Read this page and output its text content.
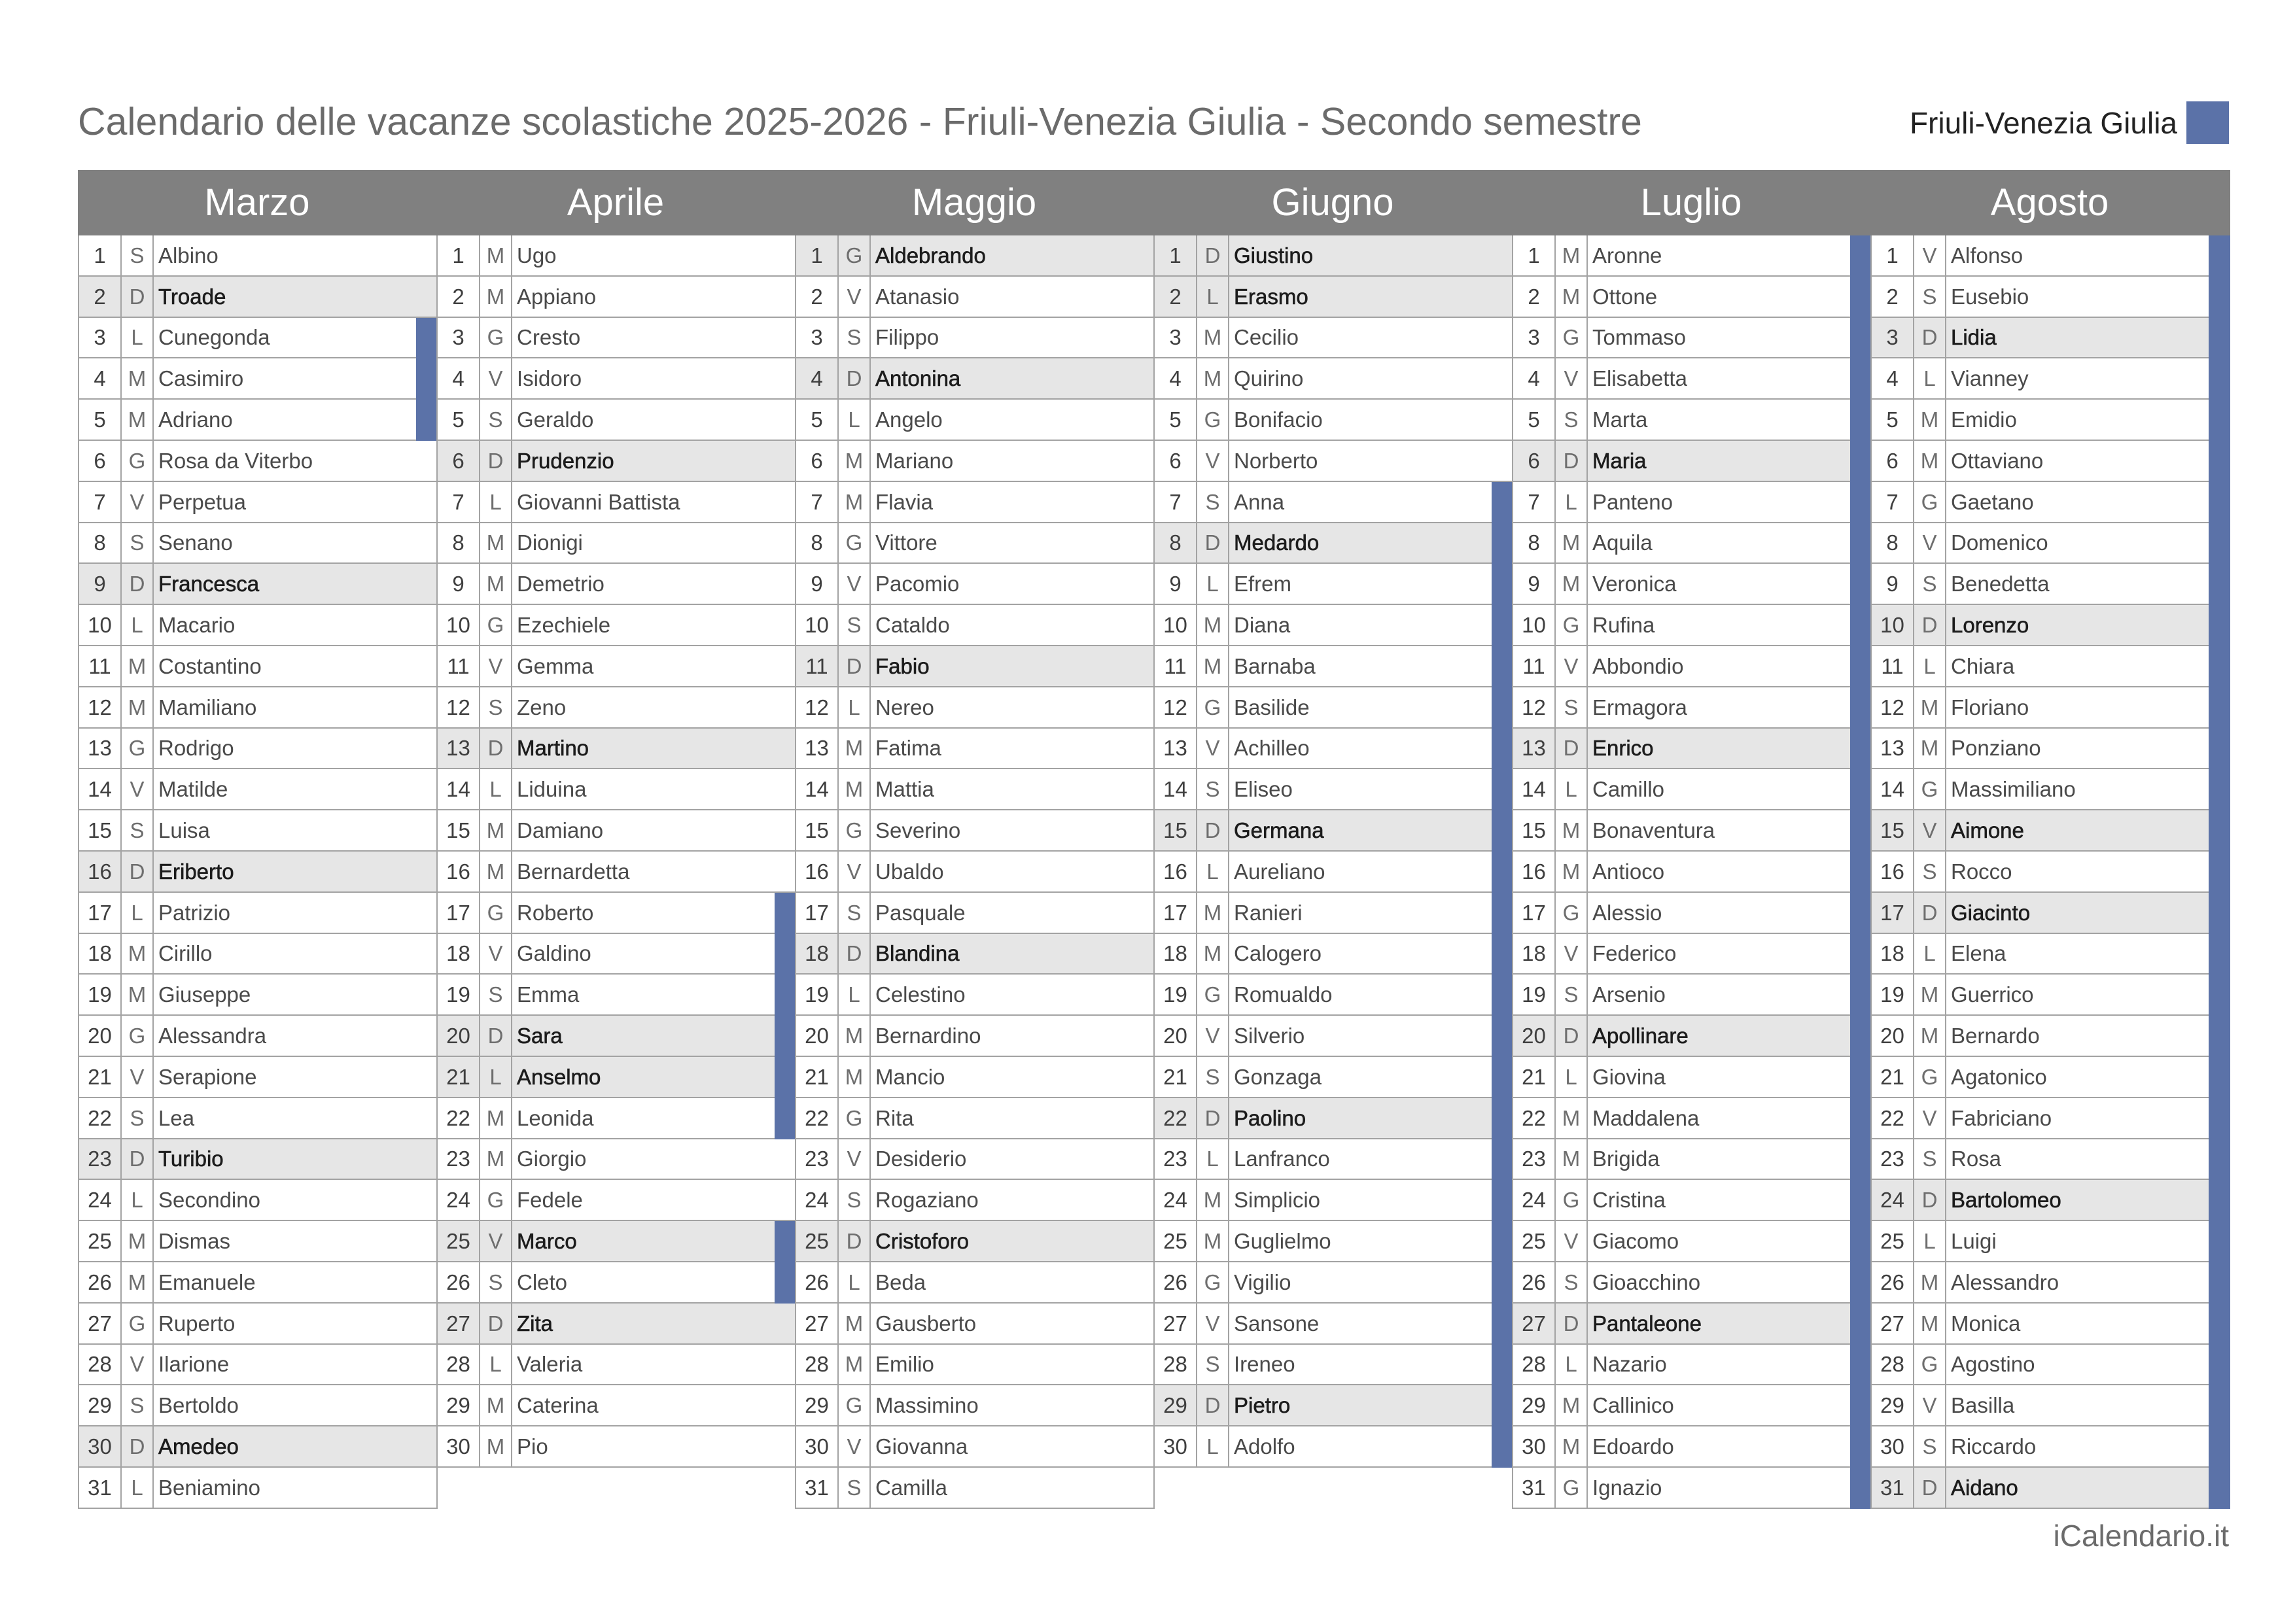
Calendario delle vacanze scolastiche 2025-2026 - Friuli-Venezia Giulia - Secondo semestre	Friuli-Venezia Giulia
Marzo	Aprile	Maggio	Giugno	Luglio	Agosto
1	S Albino
2	D Troade
3	L Cunegonda
4	M Casimiro
5	M Adriano
6	G Rosa da Viterbo
7	V Perpetua
8	S Senano
9	D Francesca
10 L Macario
11 M Costantino
12 M Mamiliano
13 G Rodrigo
14 V Matilde
15 S Luisa
16 D Eriberto
17 L Patrizio
18 M Cirillo
19 M Giuseppe
20 G Alessandra
21 V Serapione
22 S Lea
23 D Turibio
24 L Secondino
25 M Dismas
26 M Emanuele
27 G Ruperto
28 V Ilarione
29 S Bertoldo
30 D Amedeo
31 L Beniamino
1	M Ugo
2	M Appiano
3	G Cresto
4	V Isidoro
5	S Geraldo
6	D Prudenzio
7	L Giovanni Battista
8	M Dionigi
9	M Demetrio
10 G Ezechiele
11 V Gemma
12 S Zeno
13 D Martino
14 L Liduina
15 M Damiano
16 M Bernardetta
17 G Roberto
18 V Galdino
19 S Emma
20 D Sara
21 L Anselmo
22 M Leonida
23 M Giorgio
24 G Fedele
25 V Marco
26 S Cleto
27 D Zita
28 L Valeria
29 M Caterina
30 M Pio
1	G Aldebrando
2	V Atanasio
3	S Filippo
4	D Antonina
5	L Angelo
6	M Mariano
7	M Flavia
8	G Vittore
9	V Pacomio
10 S Cataldo
11 D Fabio
12 L Nereo
13 M Fatima
14 M Mattia
15 G Severino
16 V Ubaldo
17 S Pasquale
18 D Blandina
19 L Celestino
20 M Bernardino
21 M Mancio
22 G Rita
23 V Desiderio
24 S Rogaziano
25 D Cristoforo
26 L Beda
27 M Gausberto
28 M Emilio
29 G Massimino
30 V Giovanna
31 S Camilla
1	D Giustino
2	L Erasmo
3	M Cecilio
4	M Quirino
5	G Bonifacio
6	V Norberto
7	S Anna
8	D Medardo
9	L Efrem
10 M Diana
11 M Barnaba
12 G Basilide
13 V Achilleo
14 S Eliseo
15 D Germana
16 L Aureliano
17 M Ranieri
18 M Calogero
19 G Romualdo
20 V Silverio
21 S Gonzaga
22 D Paolino
23 L Lanfranco
24 M Simplicio
25 M Guglielmo
26 G Vigilio
27 V Sansone
28 S Ireneo
29 D Pietro
30 L Adolfo
1	M Aronne
2	M Ottone
3	G Tommaso
4	V Elisabetta
5	S Marta
6	D Maria
7	L Panteno
8	M Aquila
9	M Veronica
10 G Rufina
11 V Abbondio
12 S Ermagora
13 D Enrico
14 L Camillo
15 M Bonaventura
16 M Antioco
17 G Alessio
18 V Federico
19 S Arsenio
20 D Apollinare
21 L Giovina
22 M Maddalena
23 M Brigida
24 G Cristina
25 V Giacomo
26 S Gioacchino
27 D Pantaleone
28 L Nazario
29 M Callinico
30 M Edoardo
31 G Ignazio
1	V Alfonso
2	S Eusebio
3	D Lidia
4	L Vianney
5	M Emidio
6	M Ottaviano
7	G Gaetano
8	V Domenico
9	S Benedetta
10 D Lorenzo
11 L Chiara
12 M Floriano
13 M Ponziano
14 G Massimiliano
15 V Aimone
16 S Rocco
17 D Giacinto
18 L Elena
19 M Guerrico
20 M Bernardo
21 G Agatonico
22 V Fabriciano
23 S Rosa
24 D Bartolomeo
25 L Luigi
26 M Alessandro
27 M Monica
28 G Agostino
29 V Basilla
30 S Riccardo
31 D Aidano
iCalendario.it
